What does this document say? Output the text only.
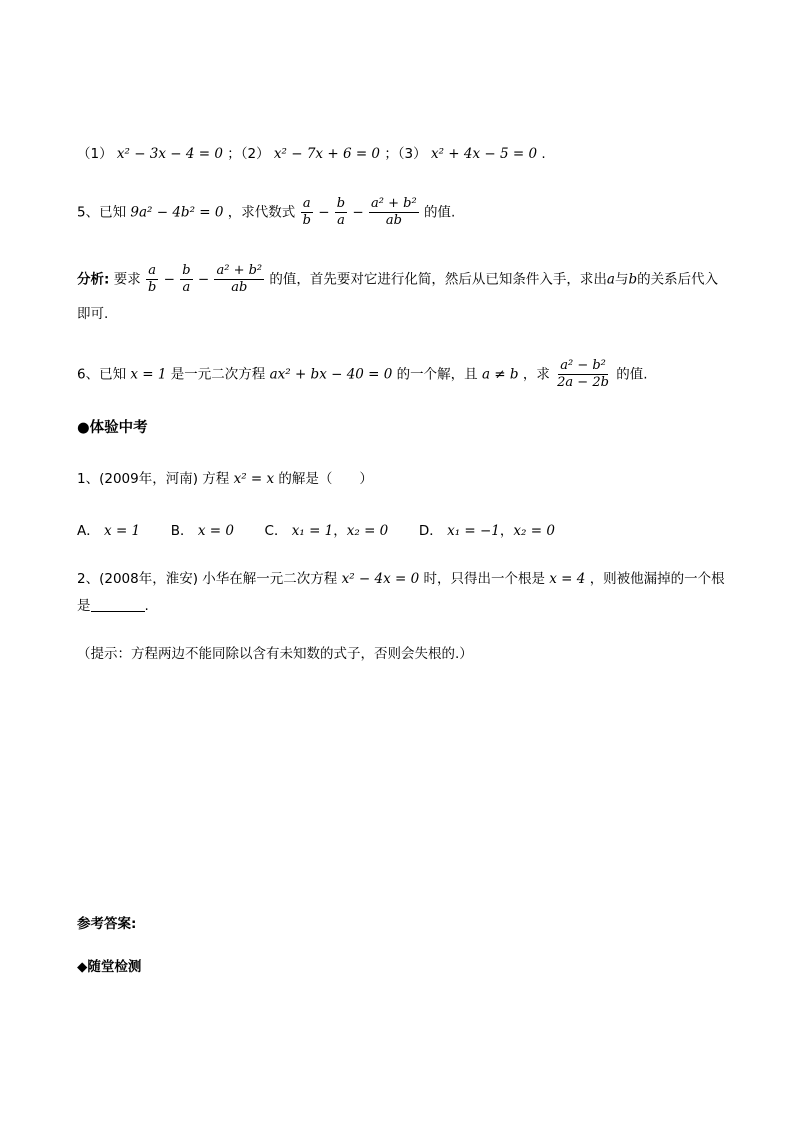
（1） x² − 3x − 4 = 0 ；（2） x² − 7x + 6 = 0 ；（3） x² + 4x − 5 = 0 .
5、已知 9a² − 4b² = 0 ，求代数式 $\frac{a}{b} - \frac{b}{a} - \frac{\text{a² + b²}}{ab}$ 的值.
分析: 要求 $\frac{a}{b} - \frac{b}{a} - \frac{\text{a² + b²}}{ab}$ 的值，首先要对它进行化简，然后从已知条件入手，求出a与b的关系后代入
即可.
6、已知 x = 1 是一元二次方程 ax² + bx − 40 = 0 的一个解，且 a ≠ b ，求 $\frac{\text{a² − b²}}{2a - 2b}$ 的值.
●体验中考
1、(2009年，河南) 方程 x² = x 的解是（　　）
A． x = 1 B． x = 0 C． x₁ = 1，x₂ = 0 D． x₁ = −1，x₂ = 0
2、(2008年，淮安) 小华在解一元二次方程 x² − 4x = 0 时，只得出一个根是 x = 4 ，则被他漏掉的一个根
是	.
（提示：方程两边不能同除以含有未知数的式子，否则会失根的.）
参考答案:
◆随堂检测
